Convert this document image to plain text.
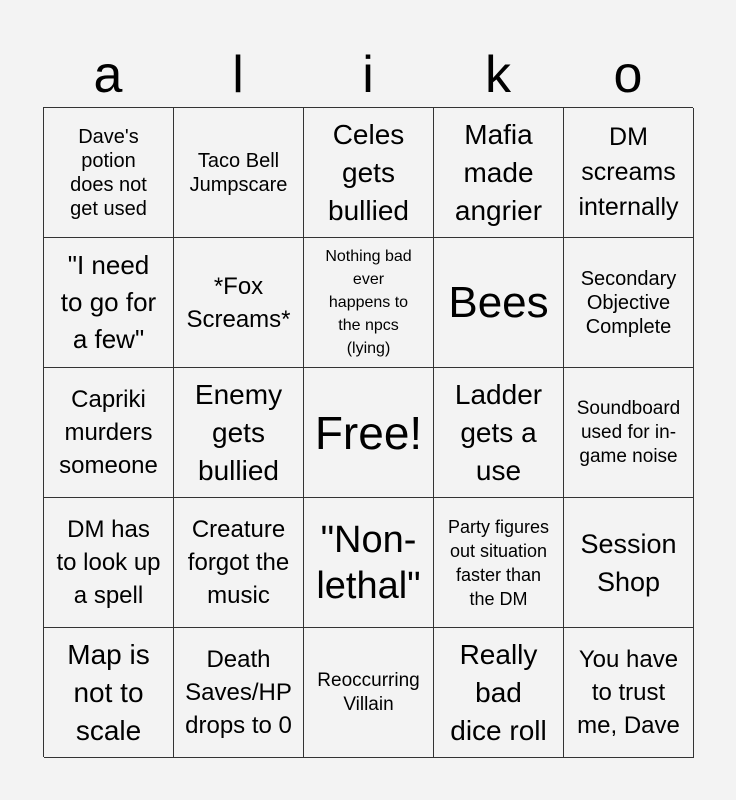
a	l	i	k	o
Dave's
potion
does not
get used
Taco Bell
Jumpscare
Celes
gets
bullied
Mafia
made
angrier
DM
screams
internally
"I need
to go for
a few"
*Fox
Screams*
Nothing bad
ever
happens to
the npcs
(lying)
Bees	Secondary
Objective
Complete
Capriki
murders
someone
Enemy
gets
bullied
Free!
Ladder
gets a
use
Soundboard
used for in-
game noise
DM has
to look up
a spell
Creature
forgot the
music
"Non-
lethal"
Party figures
out situation
faster than
the DM
Session
Shop
Map is
not to
scale
Death
Saves/HP
drops to 0
Reoccurring
Villain
Really
bad
dice roll
You have
to trust
me, Dave
